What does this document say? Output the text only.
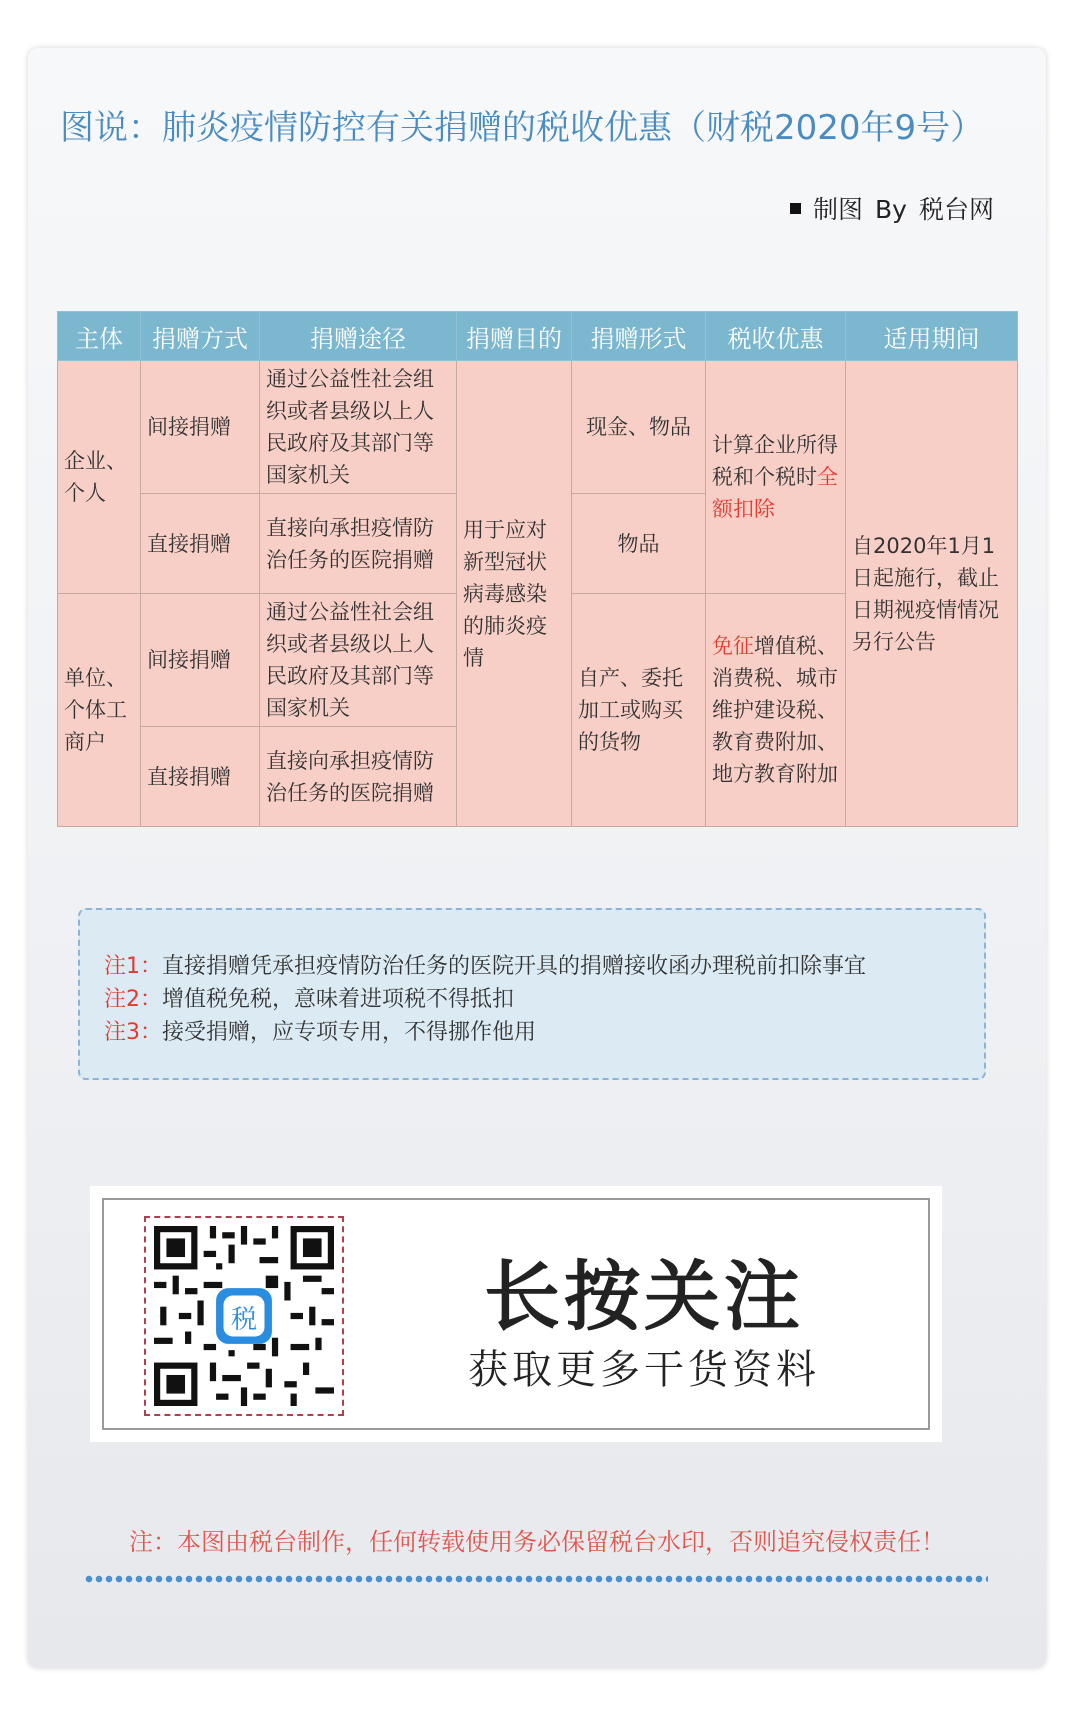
图说：肺炎疫情防控有关捐赠的税收优惠（财税2020年9号）
制图 By 税台网
主体	捐赠方式	捐赠途径	捐赠目的	捐赠形式	税收优惠	适用期间
企业、个人	间接捐赠	通过公益性社会组织或者县级以上人民政府及其部门等国家机关	用于应对新型冠状病毒感染的肺炎疫情	现金、物品	计算企业所得税和个税时全额扣除	自2020年1月1日起施行，截止日期视疫情情况另行公告
	直接捐赠	直接向承担疫情防治任务的医院捐赠		物品		
单位、个体工商户	间接捐赠	通过公益性社会组织或者县级以上人民政府及其部门等国家机关		自产、委托加工或购买的货物	免征增值税、消费税、城市维护建设税、教育费附加、地方教育附加	
	直接捐赠	直接向承担疫情防治任务的医院捐赠				
注1：直接捐赠凭承担疫情防治任务的医院开具的捐赠接收函办理税前扣除事宜
注2：增值税免税，意味着进项税不得抵扣
注3：接受捐赠，应专项专用，不得挪作他用
税	长按关注
获取更多干货资料
注：本图由税台制作，任何转载使用务必保留税台水印，否则追究侵权责任！
